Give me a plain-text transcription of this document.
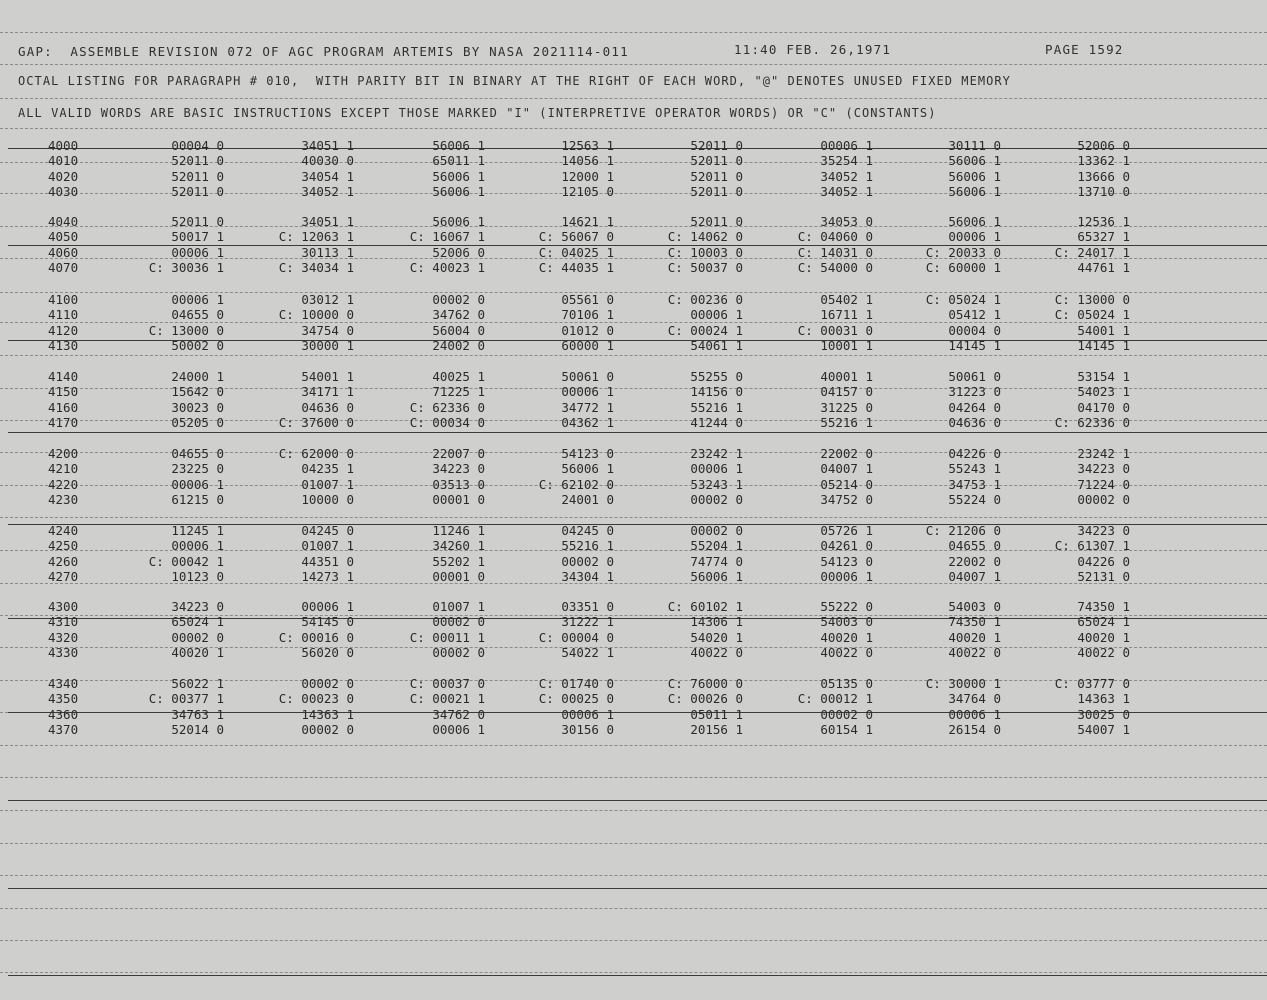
GAP:  ASSEMBLE REVISION 072 OF AGC PROGRAM ARTEMIS BY NASA 2021114-011	11:40 FEB. 26,1971	PAGE 1592
OCTAL LISTING FOR PARAGRAPH # 010,  WITH PARITY BIT IN BINARY AT THE RIGHT OF EACH WORD, "@" DENOTES UNUSED FIXED MEMORY
ALL VALID WORDS ARE BASIC INSTRUCTIONS EXCEPT THOSE MARKED "I" (INTERPRETIVE OPERATOR WORDS) OR "C" (CONSTANTS)
4000	00004 0	34051 1	56006 1	12563 1	52011 0	00006 1	30111 0	52006 0
4010	52011 0	40030 0	65011 1	14056 1	52011 0	35254 1	56006 1	13362 1
4020	52011 0	34054 1	56006 1	12000 1	52011 0	34052 1	56006 1	13666 0
4030	52011 0	34052 1	56006 1	12105 0	52011 0	34052 1	56006 1	13710 0
4040	52011 0	34051 1	56006 1	14621 1	52011 0	34053 0	56006 1	12536 1
4050	50017 1	C: 12063 1	C: 16067 1	C: 56067 0	C: 14062 0	C: 04060 0	00006 1	65327 1
4060	00006 1	30113 1	52006 0	C: 04025 1	C: 10003 0	C: 14031 0	C: 20033 0	C: 24017 1
4070	C: 30036 1	C: 34034 1	C: 40023 1	C: 44035 1	C: 50037 0	C: 54000 0	C: 60000 1	44761 1
4100	00006 1	03012 1	00002 0	05561 0	C: 00236 0	05402 1	C: 05024 1	C: 13000 0
4110	04655 0	C: 10000 0	34762 0	70106 1	00006 1	16711 1	05412 1	C: 05024 1
4120	C: 13000 0	34754 0	56004 0	01012 0	C: 00024 1	C: 00031 0	00004 0	54001 1
4130	50002 0	30000 1	24002 0	60000 1	54061 1	10001 1	14145 1	14145 1
4140	24000 1	54001 1	40025 1	50061 0	55255 0	40001 1	50061 0	53154 1
4150	15642 0	34171 1	71225 1	00006 1	14156 0	04157 0	31223 0	54023 1
4160	30023 0	04636 0	C: 62336 0	34772 1	55216 1	31225 0	04264 0	04170 0
4170	05205 0	C: 37600 0	C: 00034 0	04362 1	41244 0	55216 1	04636 0	C: 62336 0
4200	04655 0	C: 62000 0	22007 0	54123 0	23242 1	22002 0	04226 0	23242 1
4210	23225 0	04235 1	34223 0	56006 1	00006 1	04007 1	55243 1	34223 0
4220	00006 1	01007 1	03513 0	C: 62102 0	53243 1	05214 0	34753 1	71224 0
4230	61215 0	10000 0	00001 0	24001 0	00002 0	34752 0	55224 0	00002 0
4240	11245 1	04245 0	11246 1	04245 0	00002 0	05726 1	C: 21206 0	34223 0
4250	00006 1	01007 1	34260 1	55216 1	55204 1	04261 0	04655 0	C: 61307 1
4260	C: 00042 1	44351 0	55202 1	00002 0	74774 0	54123 0	22002 0	04226 0
4270	10123 0	14273 1	00001 0	34304 1	56006 1	00006 1	04007 1	52131 0
4300	34223 0	00006 1	01007 1	03351 0	C: 60102 1	55222 0	54003 0	74350 1
4310	65024 1	54145 0	00002 0	31222 1	14306 1	54003 0	74350 1	65024 1
4320	00002 0	C: 00016 0	C: 00011 1	C: 00004 0	54020 1	40020 1	40020 1	40020 1
4330	40020 1	56020 0	00002 0	54022 1	40022 0	40022 0	40022 0	40022 0
4340	56022 1	00002 0	C: 00037 0	C: 01740 0	C: 76000 0	05135 0	C: 30000 1	C: 03777 0
4350	C: 00377 1	C: 00023 0	C: 00021 1	C: 00025 0	C: 00026 0	C: 00012 1	34764 0	14363 1
4360	34763 1	14363 1	34762 0	00006 1	05011 1	00002 0	00006 1	30025 0
4370	52014 0	00002 0	00006 1	30156 0	20156 1	60154 1	26154 0	54007 1
